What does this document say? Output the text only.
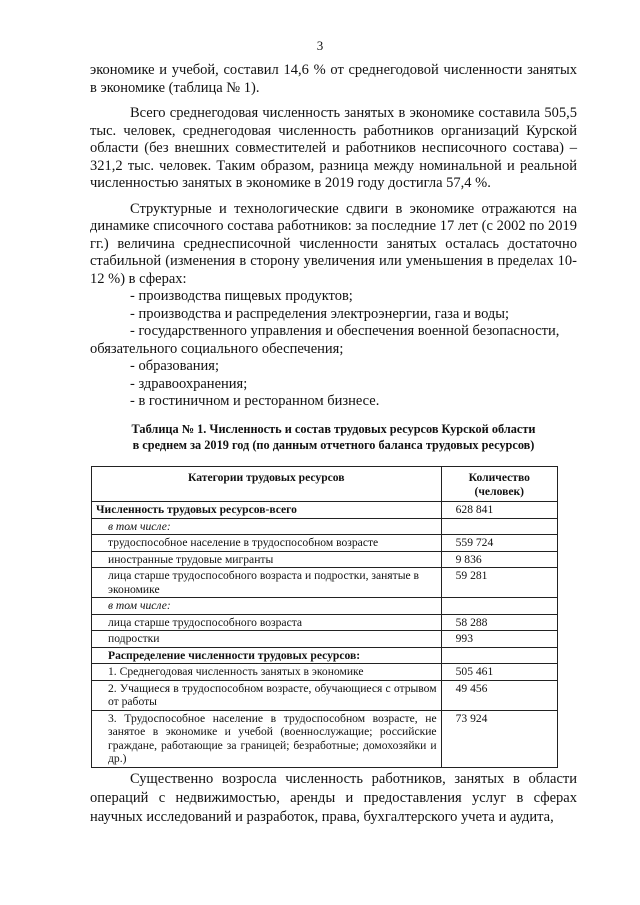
3

экономике и учебой, составил 14,6 % от среднегодовой численности занятых в экономике (таблица № 1).

Всего среднегодовая численность занятых в экономике составила 505,5 тыс. человек, среднегодовая численность работников организаций Курской области (без внешних совместителей и работников несписочного состава) – 321,2 тыс. человек. Таким образом, разница между номинальной и реальной численностью занятых в экономике в 2019 году достигла 57,4 %.

Структурные и технологические сдвиги в экономике отражаются на динамике списочного состава работников: за последние 17 лет (с 2002 по 2019 гг.) величина среднесписочной численности занятых осталась достаточно стабильной (изменения в сторону увеличения или уменьшения в пределах 10-12 %) в сферах:

- производства пищевых продуктов;

- производства и распределения электроэнергии, газа и воды;

- государственного управления и обеспечения военной безопасности,

обязательного социального обеспечения;

- образования;

- здравоохранения;

- в гостиничном и ресторанном бизнесе.

Таблица № 1. Численность и состав трудовых ресурсов Курской области
в среднем за 2019 год (по данным отчетного баланса трудовых ресурсов)
Категории трудовых ресурсов	Количество (человек)
Численность трудовых ресурсов-всего	628 841
в том числе:	
трудоспособное население в трудоспособном возрасте	559 724
иностранные трудовые мигранты	9 836
лица старше трудоспособного возраста и подростки, занятые в экономике	59 281
в том числе:	
лица старше трудоспособного возраста	58 288
подростки	993
Распределение численности трудовых ресурсов:	
1. Среднегодовая численность занятых в экономике	505 461
2. Учащиеся в трудоспособном возрасте, обучающиеся с отрывом от работы	49 456
3. Трудоспособное население в трудоспособном возрасте, не занятое в экономике и учебой (военнослужащие; российские граждане, работающие за границей; безработные; домохозяйки и др.)	73 924

Существенно возросла численность работников, занятых в области операций с недвижимостью, аренды и предоставления услуг в сферах научных исследований и разработок, права, бухгалтерского учета и аудита,
